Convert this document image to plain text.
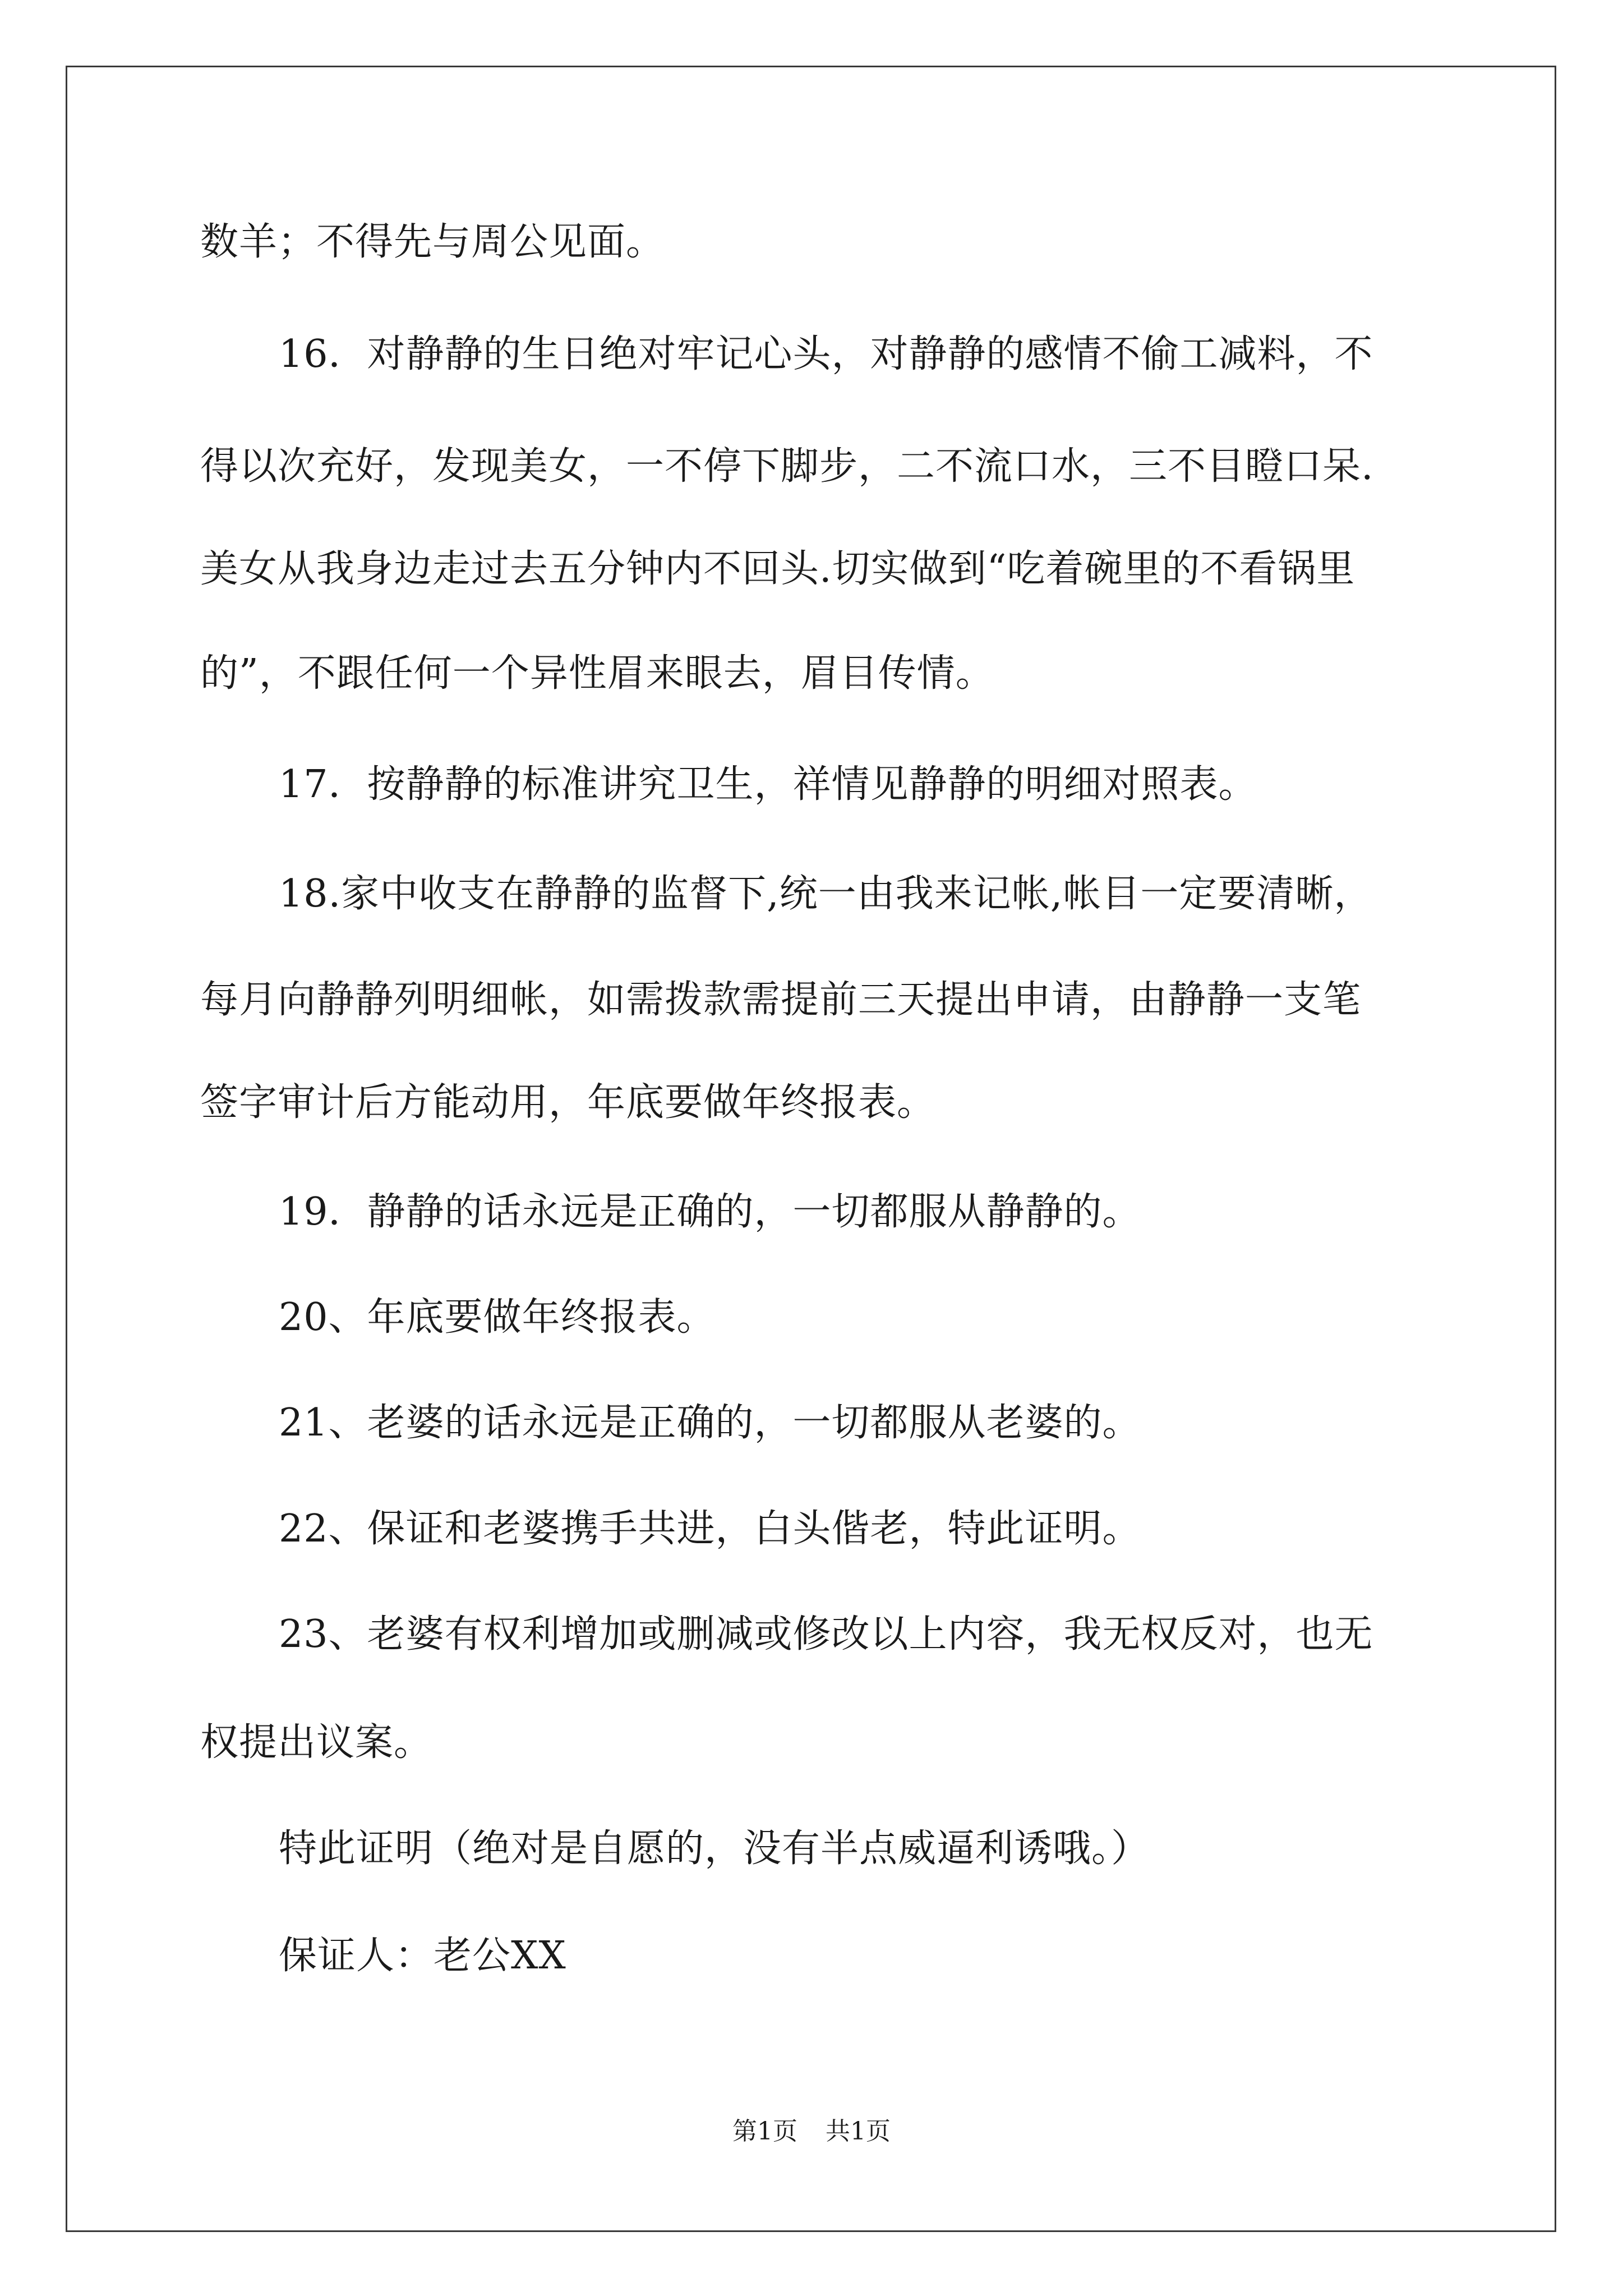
数羊；不得先与周公见面。
16．对静静的生日绝对牢记心头，对静静的感情不偷工减料，不
得以次充好，发现美女，一不停下脚步，二不流口水，三不目瞪口呆.
美女从我身边走过去五分钟内不回头.切实做到“吃着碗里的不看锅里
的”，不跟任何一个异性眉来眼去，眉目传情。
17．按静静的标准讲究卫生，祥情见静静的明细对照表。
18.家中收支在静静的监督下,统一由我来记帐,帐目一定要清晰，
每月向静静列明细帐，如需拨款需提前三天提出申请，由静静一支笔
签字审计后方能动用，年底要做年终报表。
19．静静的话永远是正确的，一切都服从静静的。
20、年底要做年终报表。
21、老婆的话永远是正确的，一切都服从老婆的。
22、保证和老婆携手共进，白头偕老，特此证明。
23、老婆有权利增加或删减或修改以上内容，我无权反对，也无
权提出议案。
特此证明（绝对是自愿的，没有半点威逼利诱哦。）
保证人：老公XX
第1页 共1页
